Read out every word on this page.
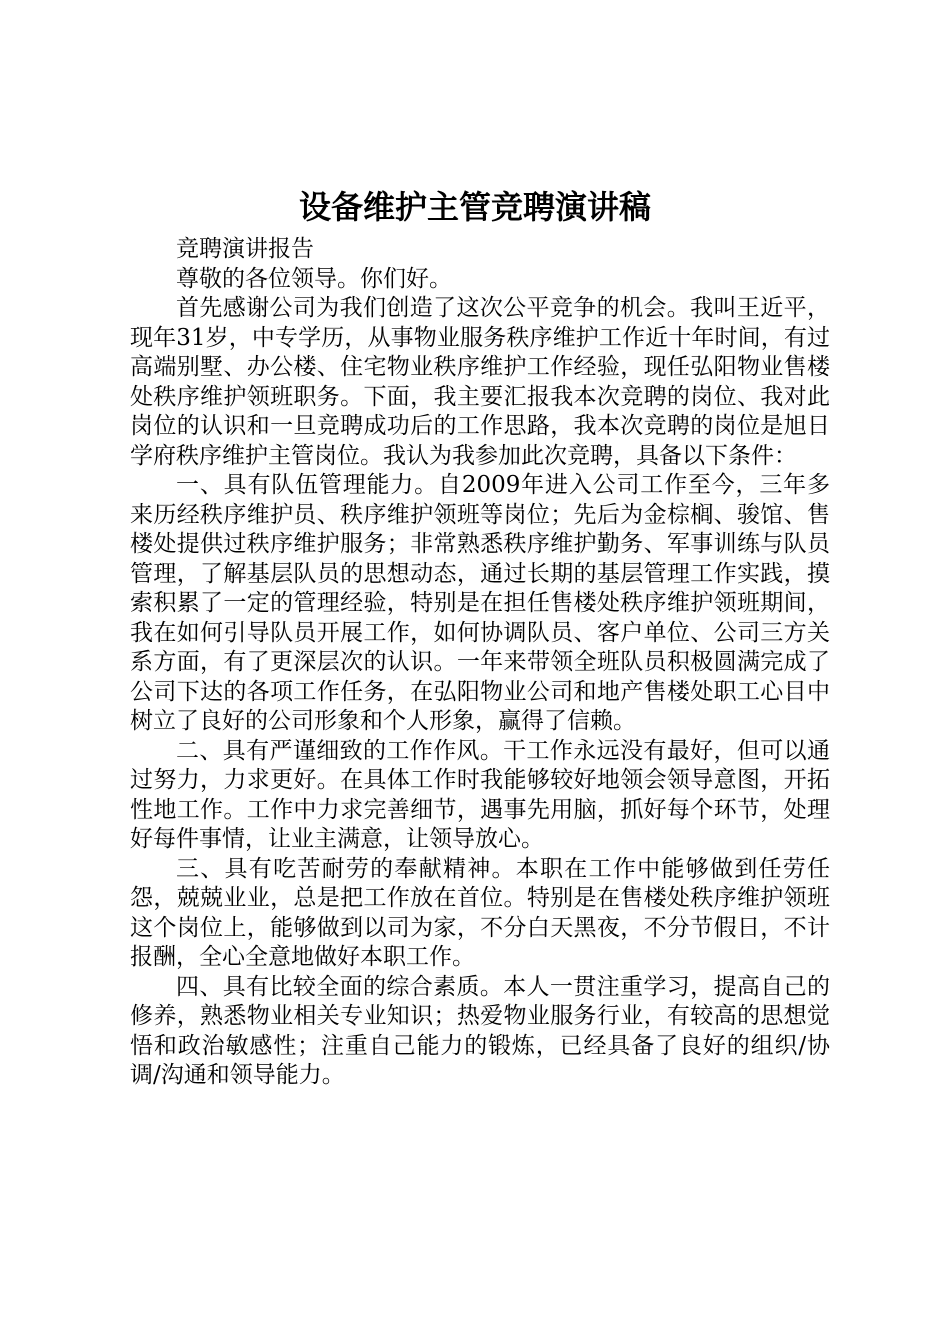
设备维护主管竞聘演讲稿

竞聘演讲报告

尊敬的各位领导。你们好。

首先感谢公司为我们创造了这次公平竞争的机会。我叫王近平，现年31岁，中专学历，从事物业服务秩序维护工作近十年时间，有过高端别墅、办公楼、住宅物业秩序维护工作经验，现任弘阳物业售楼处秩序维护领班职务。下面，我主要汇报我本次竞聘的岗位、我对此岗位的认识和一旦竞聘成功后的工作思路，我本次竞聘的岗位是旭日学府秩序维护主管岗位。我认为我参加此次竞聘，具备以下条件：

一、具有队伍管理能力。自2009年进入公司工作至今，三年多来历经秩序维护员、秩序维护领班等岗位；先后为金棕榈、骏馆、售楼处提供过秩序维护服务；非常熟悉秩序维护勤务、军事训练与队员管理，了解基层队员的思想动态，通过长期的基层管理工作实践，摸索积累了一定的管理经验，特别是在担任售楼处秩序维护领班期间，我在如何引导队员开展工作，如何协调队员、客户单位、公司三方关系方面，有了更深层次的认识。一年来带领全班队员积极圆满完成了公司下达的各项工作任务，在弘阳物业公司和地产售楼处职工心目中树立了良好的公司形象和个人形象，赢得了信赖。

二、具有严谨细致的工作作风。干工作永远没有最好，但可以通过努力，力求更好。在具体工作时我能够较好地领会领导意图，开拓性地工作。工作中力求完善细节，遇事先用脑，抓好每个环节，处理好每件事情，让业主满意，让领导放心。

三、具有吃苦耐劳的奉献精神。本职在工作中能够做到任劳任怨，兢兢业业，总是把工作放在首位。特别是在售楼处秩序维护领班这个岗位上，能够做到以司为家，不分白天黑夜，不分节假日，不计报酬，全心全意地做好本职工作。

四、具有比较全面的综合素质。本人一贯注重学习，提高自己的修养，熟悉物业相关专业知识；热爱物业服务行业，有较高的思想觉悟和政治敏感性；注重自己能力的锻炼，已经具备了良好的组织/协调/沟通和领导能力。
